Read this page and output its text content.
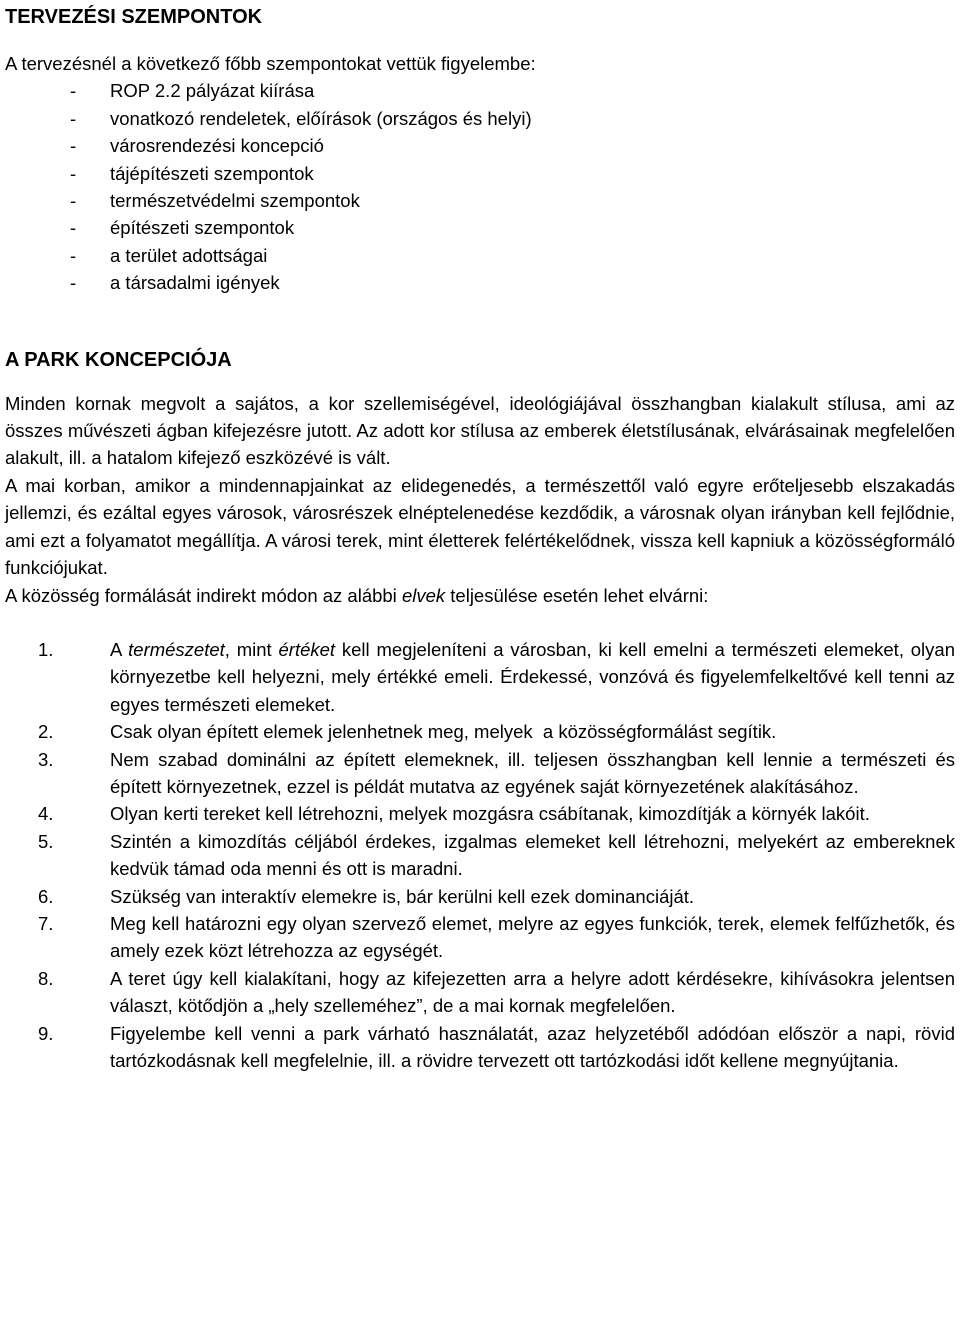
TERVEZÉSI SZEMPONTOK
A tervezésnél a következő főbb szempontokat vettük figyelembe:
- ROP 2.2 pályázat kiírása
- vonatkozó rendeletek, előírások (országos és helyi)
- városrendezési koncepció
- tájépítészeti szempontok
- természetvédelmi szempontok
- építészeti szempontok
- a terület adottságai
- a társadalmi igények
A PARK KONCEPCIÓJA

Minden kornak megvolt a sajátos, a kor szellemiségével, ideológiájával összhangban kialakult stílusa, ami az összes művészeti ágban kifejezésre jutott. Az adott kor stílusa az emberek életstílusának, elvárásainak megfelelően alakult, ill. a hatalom kifejező eszközévé is vált.

A mai korban, amikor a mindennapjainkat az elidegenedés, a természettől való egyre erőteljesebb elszakadás jellemzi, és ezáltal egyes városok, városrészek elnéptelenedése kezdődik, a városnak olyan irányban kell fejlődnie, ami ezt a folyamatot megállítja. A városi terek, mint életterek felértékelődnek, vissza kell kapniuk a közösségformáló funkciójukat.

A közösség formálását indirekt módon az alábbi elvek teljesülése esetén lehet elvárni:

1.	A természetet, mint értéket kell megjeleníteni a városban, ki kell emelni a természeti elemeket, olyan környezetbe kell helyezni, mely értékké emeli. Érdekessé, vonzóvá és figyelemfelkeltővé kell tenni az egyes természeti elemeket.
2.	Csak olyan épített elemek jelenhetnek meg, melyek  a közösségformálást segítik.
3.	Nem szabad dominálni az épített elemeknek, ill. teljesen összhangban kell lennie a természeti és épített környezetnek, ezzel is példát mutatva az egyének saját környezetének alakításához.
4.	Olyan kerti tereket kell létrehozni, melyek mozgásra csábítanak, kimozdítják a környék lakóit.
5.	Szintén a kimozdítás céljából érdekes, izgalmas elemeket kell létrehozni, melyekért az embereknek kedvük támad oda menni és ott is maradni.
6.	Szükség van interaktív elemekre is, bár kerülni kell ezek dominanciáját.
7.	Meg kell határozni egy olyan szervező elemet, melyre az egyes funkciók, terek, elemek felfűzhetők, és amely ezek közt létrehozza az egységét.
8.	A teret úgy kell kialakítani, hogy az kifejezetten arra a helyre adott kérdésekre, kihívásokra jelentsen választ, kötődjön a „hely szelleméhez”, de a mai kornak megfelelően.
9.	Figyelembe kell venni a park várható használatát, azaz helyzetéből adódóan először a napi, rövid tartózkodásnak kell megfelelnie, ill. a rövidre tervezett ott tartózkodási időt kellene megnyújtania.
